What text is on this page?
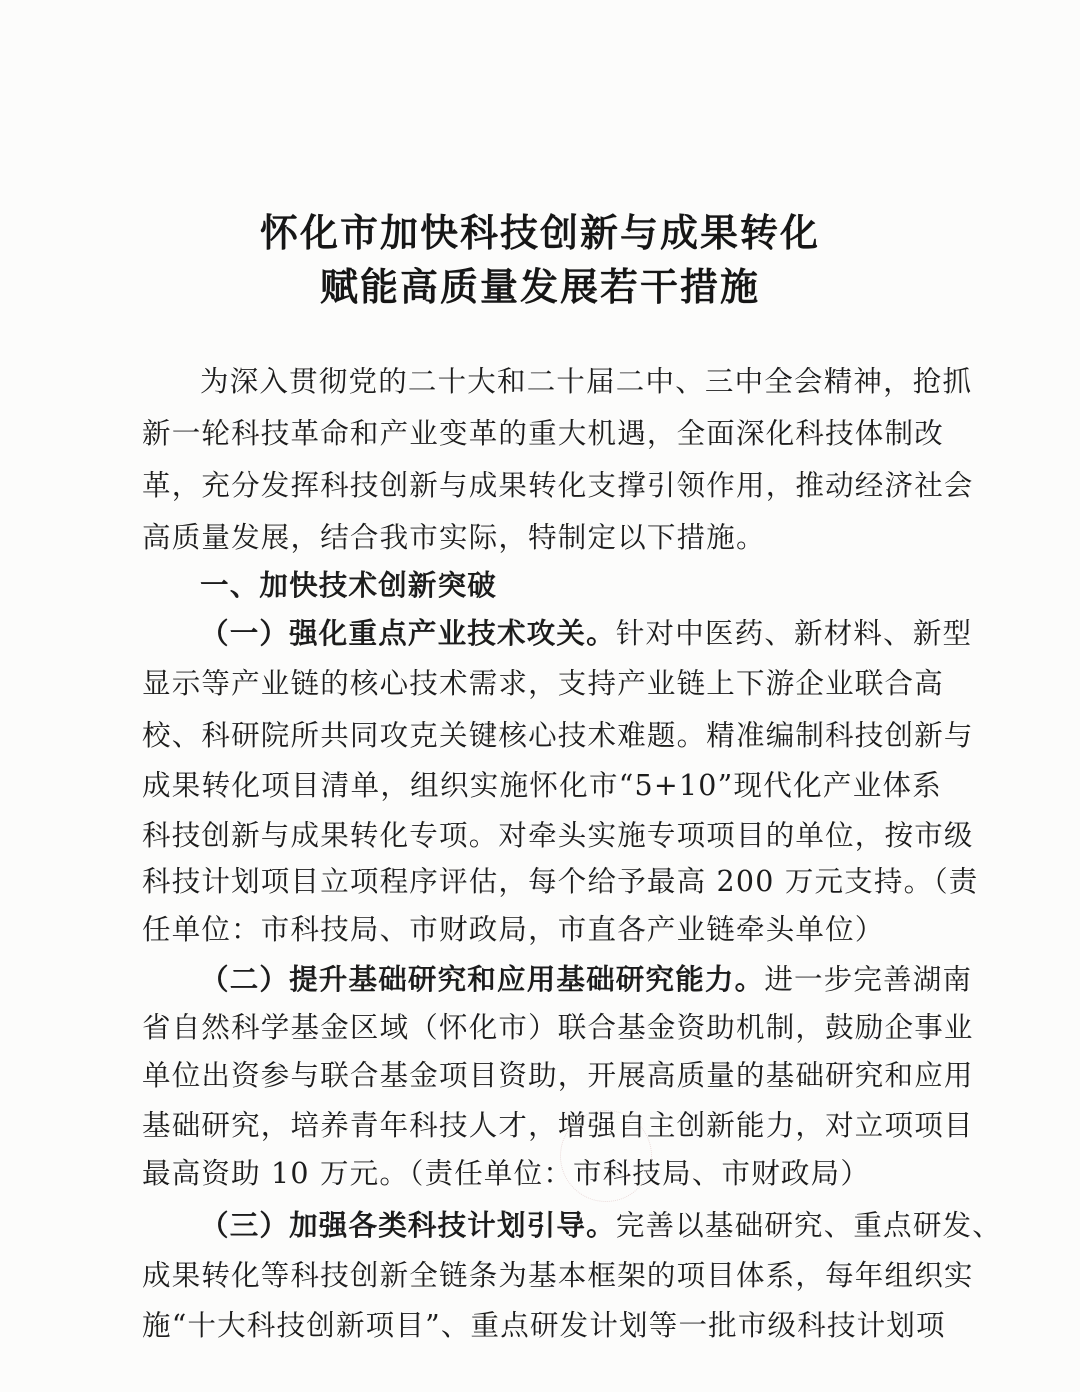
怀化市加快科技创新与成果转化
赋能高质量发展若干措施
为深入贯彻党的二十大和二十届二中、三中全会精神，抢抓
新一轮科技革命和产业变革的重大机遇，全面深化科技体制改
革，充分发挥科技创新与成果转化支撑引领作用，推动经济社会
高质量发展，结合我市实际，特制定以下措施。
一、加快技术创新突破
（一）强化重点产业技术攻关。针对中医药、新材料、新型
显示等产业链的核心技术需求，支持产业链上下游企业联合高
校、科研院所共同攻克关键核心技术难题。精准编制科技创新与
成果转化项目清单，组织实施怀化市“5+10”现代化产业体系
科技创新与成果转化专项。对牵头实施专项项目的单位，按市级
科技计划项目立项程序评估，每个给予最高 200 万元支持。（责
任单位：市科技局、市财政局，市直各产业链牵头单位）
（二）提升基础研究和应用基础研究能力。进一步完善湖南
省自然科学基金区域（怀化市）联合基金资助机制，鼓励企事业
单位出资参与联合基金项目资助，开展高质量的基础研究和应用
基础研究，培养青年科技人才，增强自主创新能力，对立项项目
最高资助 10 万元。（责任单位：市科技局、市财政局）
（三）加强各类科技计划引导。完善以基础研究、重点研发、
成果转化等科技创新全链条为基本框架的项目体系，每年组织实
施“十大科技创新项目”、重点研发计划等一批市级科技计划项
